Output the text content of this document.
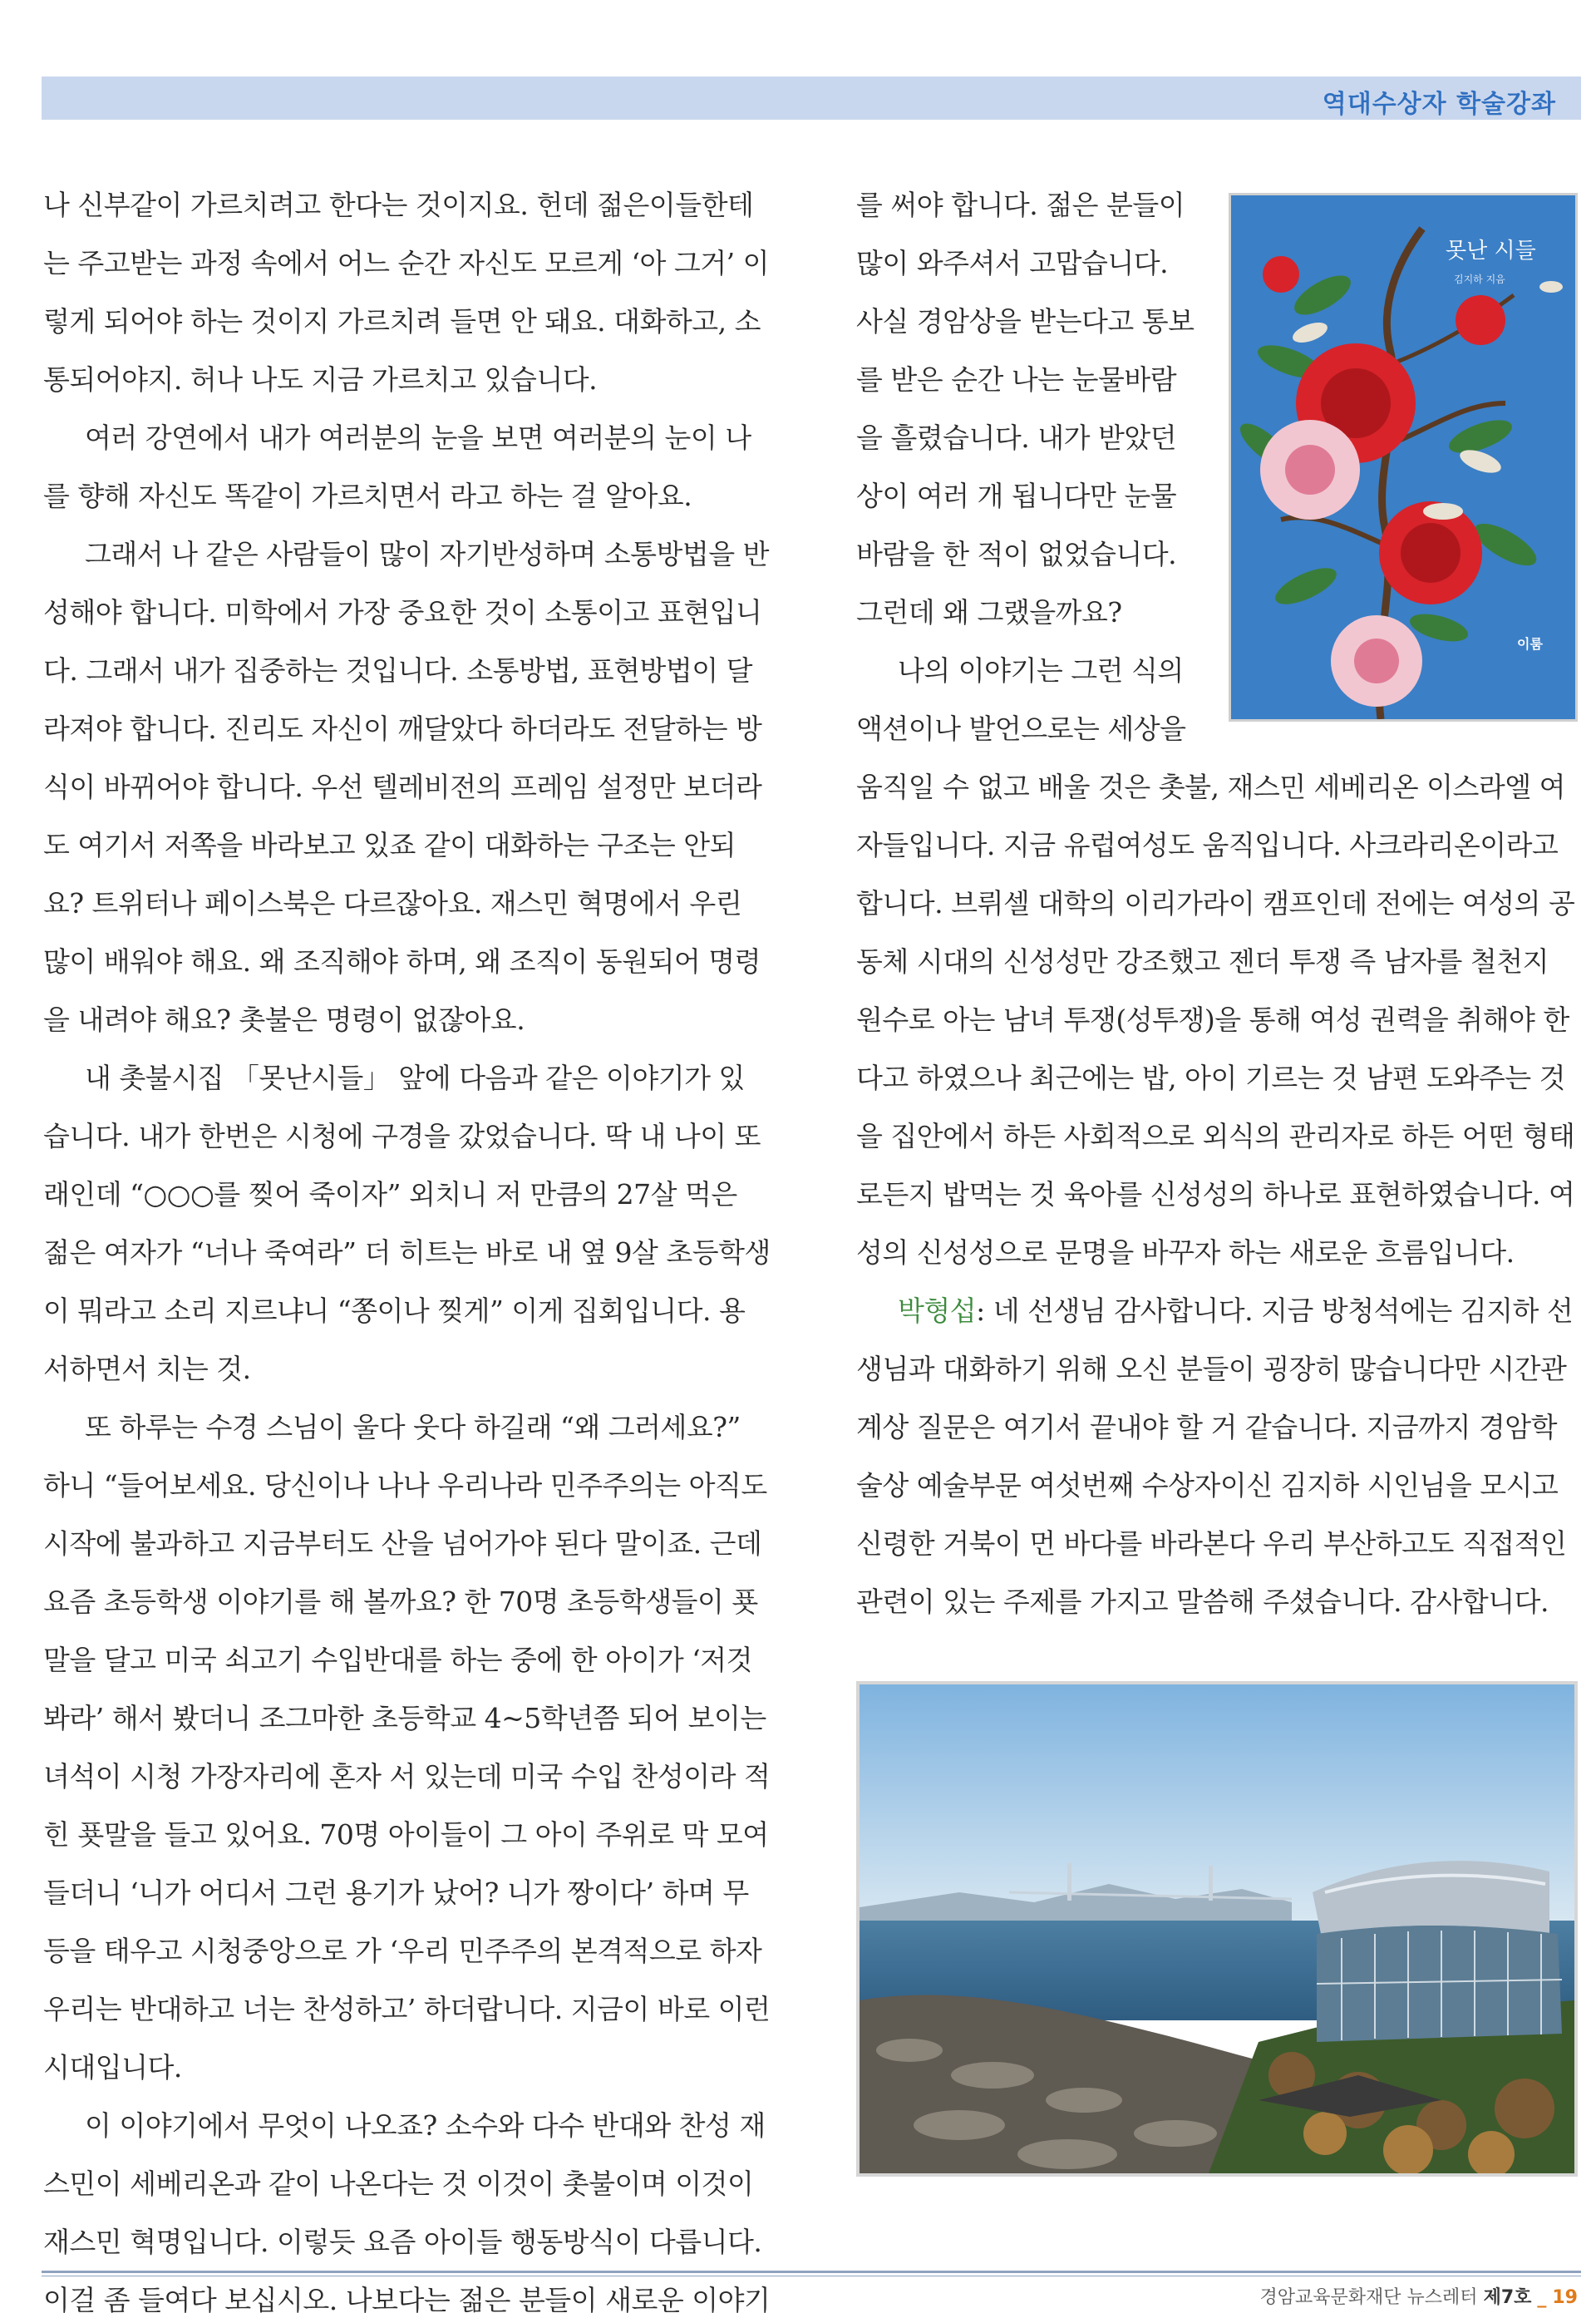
역대수상자 학술강좌

나 신부같이 가르치려고 한다는 것이지요. 헌데 젊은이들한테는 주고받는 과정 속에서 어느 순간 자신도 모르게 ‘아 그거’ 이렇게 되어야 하는 것이지 가르치려 들면 안 돼요. 대화하고, 소통되어야지. 허나 나도 지금 가르치고 있습니다.

여러 강연에서 내가 여러분의 눈을 보면 여러분의 눈이 나를 향해 자신도 똑같이 가르치면서 라고 하는 걸 알아요.

그래서 나 같은 사람들이 많이 자기반성하며 소통방법을 반성해야 합니다. 미학에서 가장 중요한 것이 소통이고 표현입니다. 그래서 내가 집중하는 것입니다. 소통방법, 표현방법이 달라져야 합니다. 진리도 자신이 깨달았다 하더라도 전달하는 방식이 바뀌어야 합니다. 우선 텔레비전의 프레임 설정만 보더라도 여기서 저쪽을 바라보고 있죠 같이 대화하는 구조는 안되요? 트위터나 페이스북은 다르잖아요. 재스민 혁명에서 우린 많이 배워야 해요. 왜 조직해야 하며, 왜 조직이 동원되어 명령을 내려야 해요? 촛불은 명령이 없잖아요.

내 촛불시집 「못난시들」 앞에 다음과 같은 이야기가 있습니다. 내가 한번은 시청에 구경을 갔었습니다. 딱 내 나이 또래인데 “○○○를 찢어 죽이자” 외치니 저 만큼의 27살 먹은 젊은 여자가 “너나 죽여라” 더 히트는 바로 내 옆 9살 초등학생이 뭐라고 소리 지르냐니 “쫑이나 찢게” 이게 집회입니다. 용서하면서 치는 것.

또 하루는 수경 스님이 울다 웃다 하길래 “왜 그러세요?” 하니 “들어보세요. 당신이나 나나 우리나라 민주주의는 아직도 시작에 불과하고 지금부터도 산을 넘어가야 된다 말이죠. 근데 요즘 초등학생 이야기를 해 볼까요? 한 70명 초등학생들이 푯말을 달고 미국 쇠고기 수입반대를 하는 중에 한 아이가 ‘저것 봐라’ 해서 봤더니 조그마한 초등학교 4~5학년쯤 되어 보이는 녀석이 시청 가장자리에 혼자 서 있는데 미국 수입 찬성이라 적힌 푯말을 들고 있어요. 70명 아이들이 그 아이 주위로 막 모여들더니 ‘니가 어디서 그런 용기가 났어? 니가 짱이다’ 하며 무등을 태우고 시청중앙으로 가 ‘우리 민주주의 본격적으로 하자 우리는 반대하고 너는 찬성하고’ 하더랍니다. 지금이 바로 이런 시대입니다.

이 이야기에서 무엇이 나오죠? 소수와 다수 반대와 찬성 재스민이 세베리온과 같이 나온다는 것 이것이 촛불이며 이것이 재스민 혁명입니다. 이렇듯 요즘 아이들 행동방식이 다릅니다. 이걸 좀 들여다 보십시오. 나보다는 젊은 분들이 새로운 이야기

를 써야 합니다. 젊은 분들이 많이 와주셔서 고맙습니다. 사실 경암상을 받는다고 통보를 받은 순간 나는 눈물바람을 흘렸습니다. 내가 받았던 상이 여러 개 됩니다만 눈물바람을 한 적이 없었습니다. 그런데 왜 그랬을까요?

나의 이야기는 그런 식의 액션이나 발언으로는 세상을

못난 시들
김지하 지음
이룸

움직일 수 없고 배울 것은 촛불, 재스민 세베리온 이스라엘 여자들입니다. 지금 유럽여성도 움직입니다. 사크라리온이라고 합니다. 브뤼셀 대학의 이리가라이 캠프인데 전에는 여성의 공동체 시대의 신성성만 강조했고 젠더 투쟁 즉 남자를 철천지 원수로 아는 남녀 투쟁(성투쟁)을 통해 여성 권력을 취해야 한다고 하였으나 최근에는 밥, 아이 기르는 것 남편 도와주는 것을 집안에서 하든 사회적으로 외식의 관리자로 하든 어떤 형태로든지 밥먹는 것 육아를 신성성의 하나로 표현하였습니다. 여성의 신성성으로 문명을 바꾸자 하는 새로운 흐름입니다.

박형섭: 네 선생님 감사합니다. 지금 방청석에는 김지하 선생님과 대화하기 위해 오신 분들이 굉장히 많습니다만 시간관계상 질문은 여기서 끝내야 할 거 같습니다. 지금까지 경암학술상 예술부문 여섯번째 수상자이신 김지하 시인님을 모시고 신령한 거북이 먼 바다를 바라본다 우리 부산하고도 직접적인 관련이 있는 주제를 가지고 말씀해 주셨습니다. 감사합니다.

경암교육문화재단 뉴스레터 제7호 _ 19
